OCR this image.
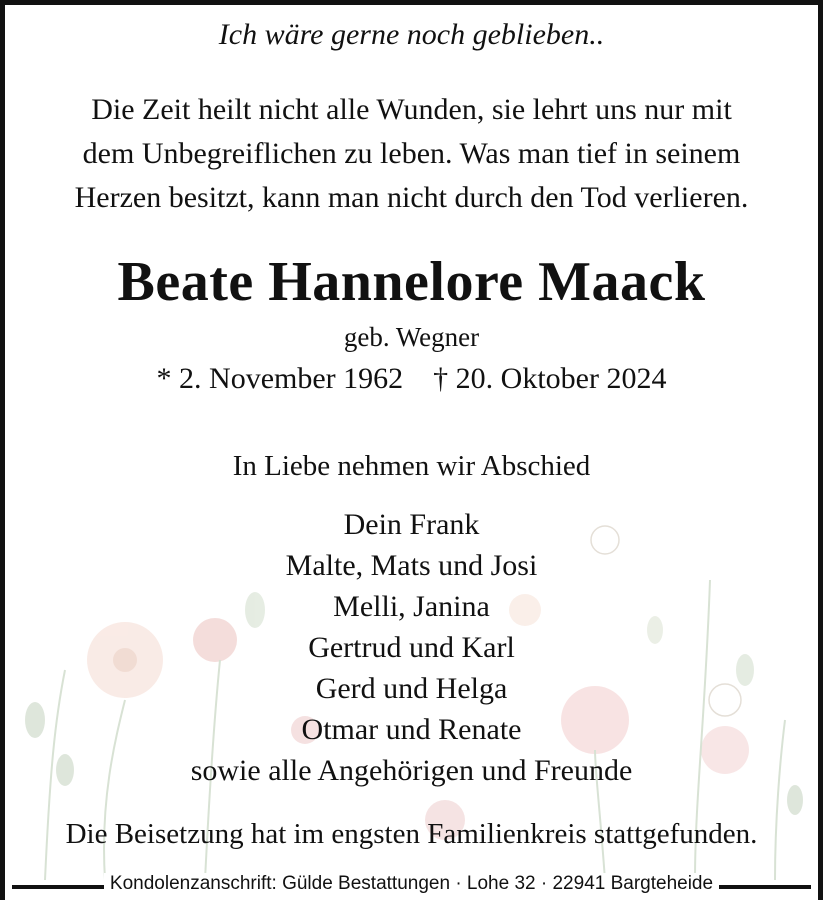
Ich wäre gerne noch geblieben..
Die Zeit heilt nicht alle Wunden, sie lehrt uns nur mit
dem Unbegreiflichen zu leben. Was man tief in seinem
Herzen besitzt, kann man nicht durch den Tod verlieren.
Beate Hannelore Maack
geb. Wegner
* 2. November 1962 † 20. Oktober 2024
In Liebe nehmen wir Abschied
Dein Frank
Malte, Mats und Josi
Melli, Janina
Gertrud und Karl
Gerd und Helga
Otmar und Renate
sowie alle Angehörigen und Freunde
Die Beisetzung hat im engsten Familienkreis stattgefunden.
Kondolenzanschrift: Gülde Bestattungen · Lohe 32 · 22941 Bargteheide
